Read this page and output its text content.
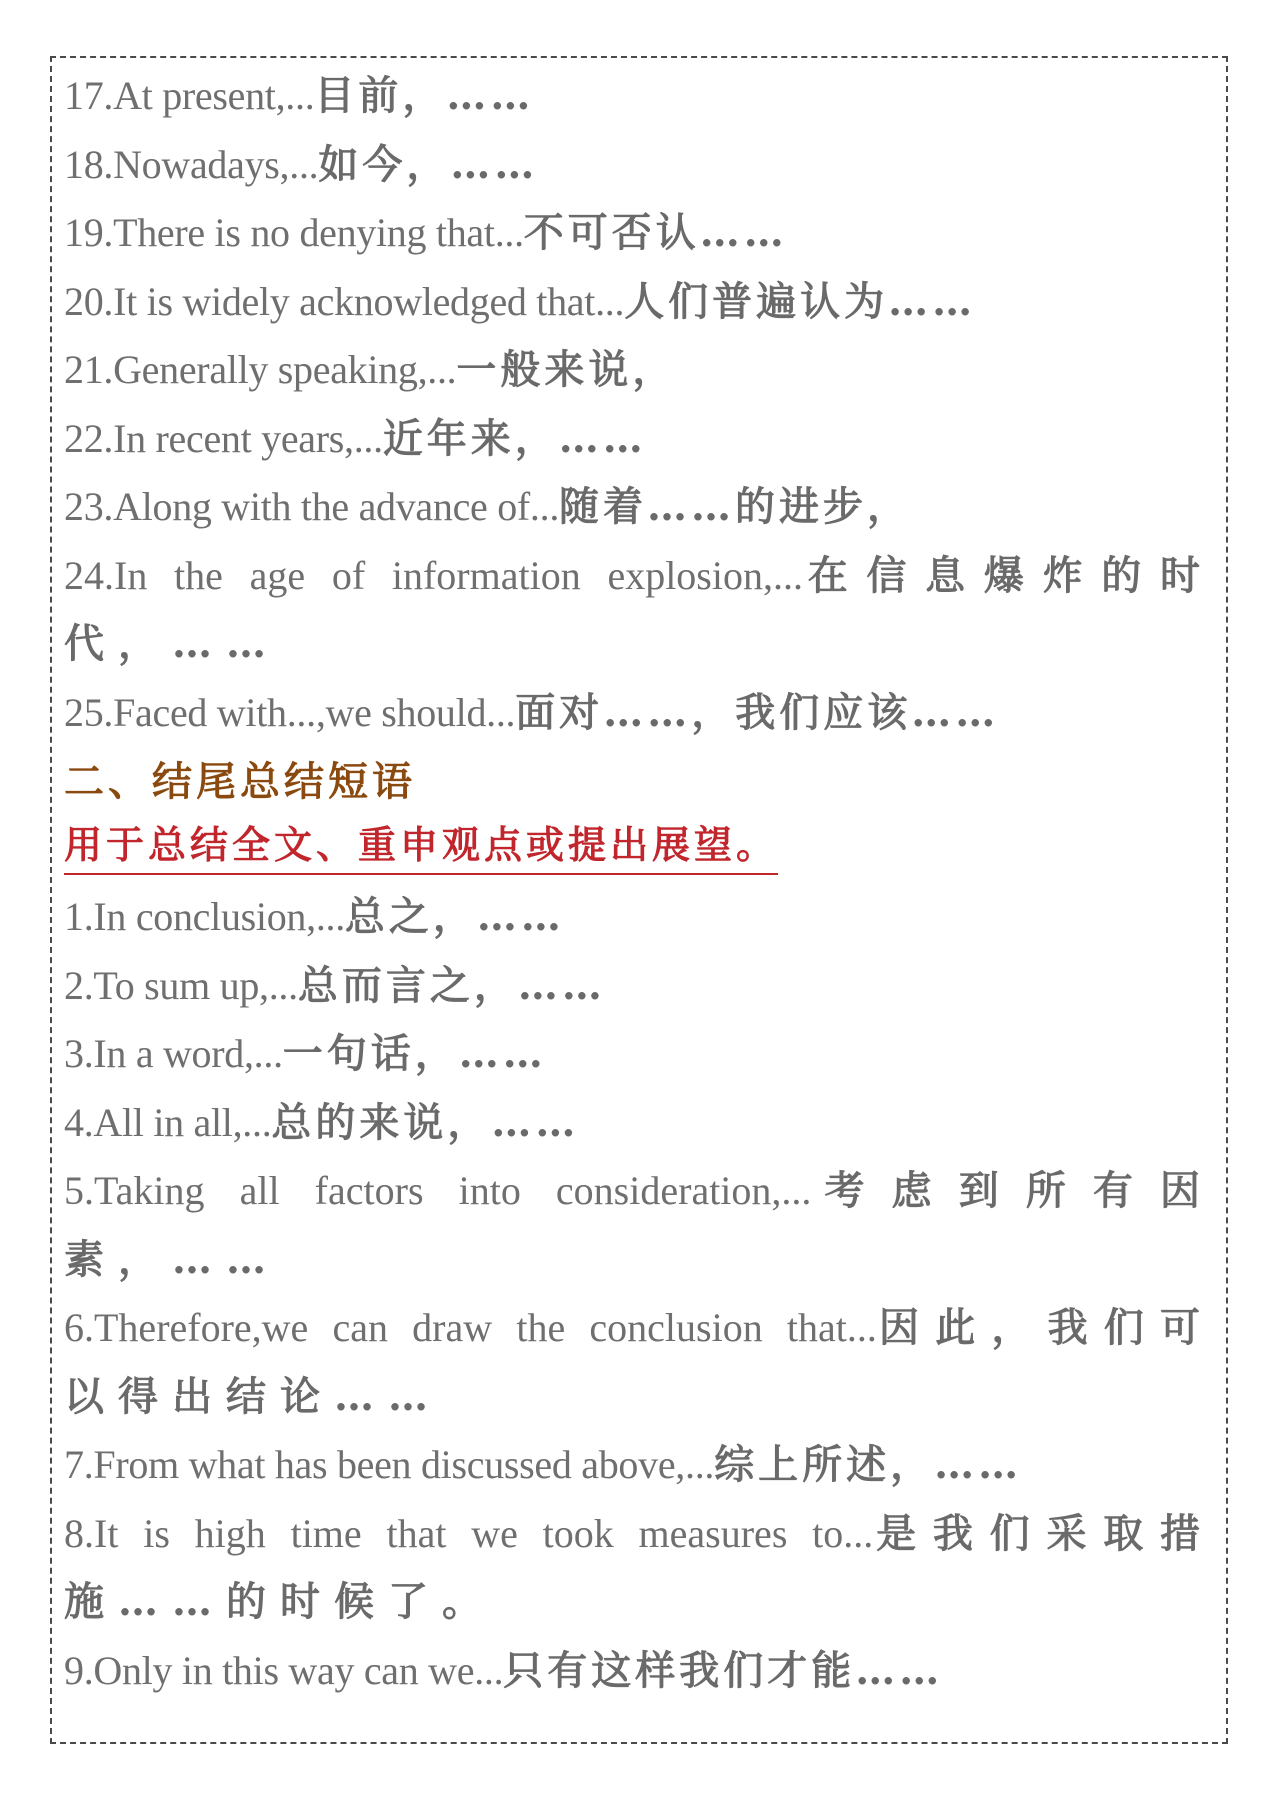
17.At present,...目前，……
18.Nowadays,...如今，……
19.There is no denying that...不可否认……
20.It is widely acknowledged that...人们普遍认为……
21.Generally speaking,...一般来说，
22.In recent years,...近年来，……
23.Along with the advance of...随着……的进步，
24.In the age of information explosion,...在信息爆炸的时代，……
25.Faced with...,we should...面对……，我们应该……
二、结尾总结短语
用于总结全文、重申观点或提出展望。
1.In conclusion,...总之，……
2.To sum up,...总而言之，……
3.In a word,...一句话，……
4.All in all,...总的来说，……
5.Taking all factors into consideration,...考虑到所有因素，……
6.Therefore,we can draw the conclusion that...因此，我们可以得出结论……
7.From what has been discussed above,...综上所述，……
8.It is high time that we took measures to...是我们采取措施……的时候了。
9.Only in this way can we...只有这样我们才能……
